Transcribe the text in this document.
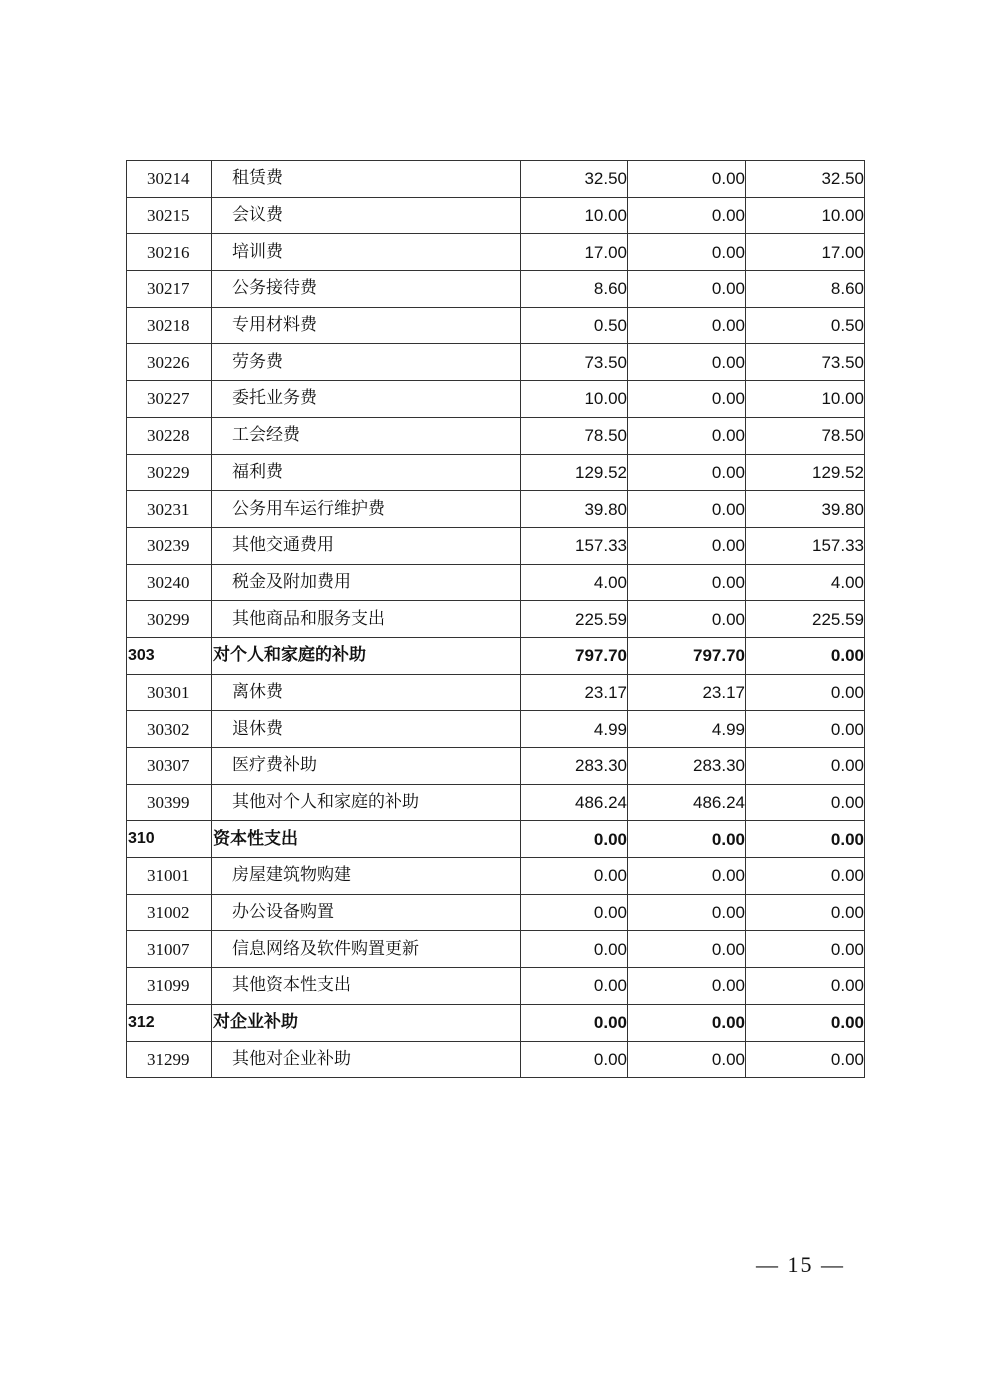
30214	租赁费	32.50	0.00	32.50
30215	会议费	10.00	0.00	10.00
30216	培训费	17.00	0.00	17.00
30217	公务接待费	8.60	0.00	8.60
30218	专用材料费	0.50	0.00	0.50
30226	劳务费	73.50	0.00	73.50
30227	委托业务费	10.00	0.00	10.00
30228	工会经费	78.50	0.00	78.50
30229	福利费	129.52	0.00	129.52
30231	公务用车运行维护费	39.80	0.00	39.80
30239	其他交通费用	157.33	0.00	157.33
30240	税金及附加费用	4.00	0.00	4.00
30299	其他商品和服务支出	225.59	0.00	225.59
303	对个人和家庭的补助	797.70	797.70	0.00
30301	离休费	23.17	23.17	0.00
30302	退休费	4.99	4.99	0.00
30307	医疗费补助	283.30	283.30	0.00
30399	其他对个人和家庭的补助	486.24	486.24	0.00
310	资本性支出	0.00	0.00	0.00
31001	房屋建筑物购建	0.00	0.00	0.00
31002	办公设备购置	0.00	0.00	0.00
31007	信息网络及软件购置更新	0.00	0.00	0.00
31099	其他资本性支出	0.00	0.00	0.00
312	对企业补助	0.00	0.00	0.00
31299	其他对企业补助	0.00	0.00	0.00
— 15 —
